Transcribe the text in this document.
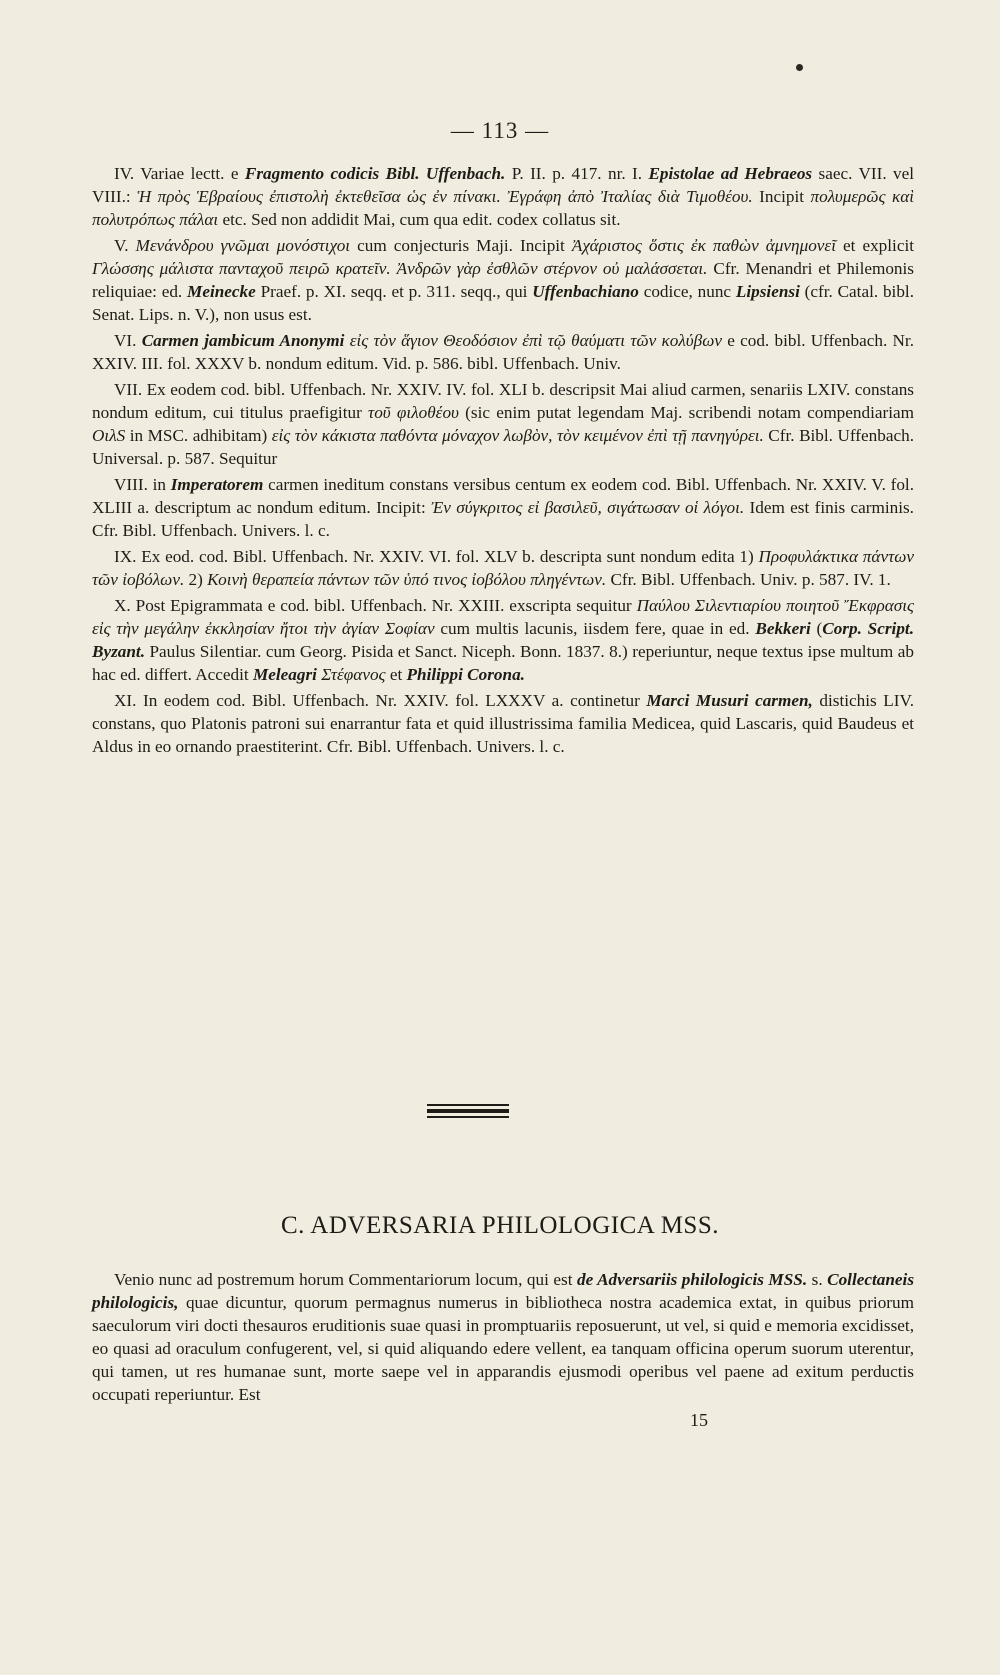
— 113 —

IV. Variae lectt. e Fragmento codicis Bibl. Uffenbach. P. II. p. 417. nr. I. Epistolae ad Hebraeos saec. VII. vel VIII.: Ἡ πρὸς Ἑβραίους ἐπιστολὴ ἐκτεθεῖσα ὡς ἐν πίνακι. Ἐγράφη ἀπὸ Ἰταλίας διὰ Τιμοθέου. Incipit πολυμερῶς καὶ πολυτρόπως πάλαι etc. Sed non addidit Mai, cum qua edit. codex collatus sit.

V. Μενάνδρου γνῶμαι μονόστιχοι cum conjecturis Maji. Incipit Ἀχάριστος ὅστις ἐκ παθὼν ἀμνημονεῖ et explicit Γλώσσης μάλιστα πανταχοῦ πειρῶ κρατεῖν. Ἀνδρῶν γὰρ ἐσθλῶν στέρνον οὐ μαλάσσεται. Cfr. Menandri et Philemonis reliquiae: ed. Meinecke Praef. p. XI. seqq. et p. 311. seqq., qui Uffenbachiano codice, nunc Lipsiensi (cfr. Catal. bibl. Senat. Lips. n. V.), non usus est.

VI. Carmen jambicum Anonymi εἰς τὸν ἅγιον Θεοδόσιον ἐπὶ τῷ θαύματι τῶν κολύβων e cod. bibl. Uffenbach. Nr. XXIV. III. fol. XXXV b. nondum editum. Vid. p. 586. bibl. Uffenbach. Univ.

VII. Ex eodem cod. bibl. Uffenbach. Nr. XXIV. IV. fol. XLI b. descripsit Mai aliud carmen, senariis LXIV. constans nondum editum, cui titulus praefigitur τοῦ φιλοθέου (sic enim putat legendam Maj. scribendi notam compendiariam ΟιλS in MSC. adhibitam) εἰς τὸν κάκιστα παθόντα μόναχον λωβὸν, τὸν κειμένον ἐπὶ τῇ πανηγύρει. Cfr. Bibl. Uffenbach. Universal. p. 587. Sequitur

VIII. in Imperatorem carmen ineditum constans versibus centum ex eodem cod. Bibl. Uffenbach. Nr. XXIV. V. fol. XLIII a. descriptum ac nondum editum. Incipit: Ἐν σύγκριτος εἰ βασιλεῦ, σιγάτωσαν οἱ λόγοι. Idem est finis carminis. Cfr. Bibl. Uffenbach. Univers. l. c.

IX. Ex eod. cod. Bibl. Uffenbach. Nr. XXIV. VI. fol. XLV b. descripta sunt nondum edita 1) Προφυλάκτικα πάντων τῶν ἰοβόλων. 2) Κοινὴ θεραπεία πάντων τῶν ὑπό τινος ἰοβόλου πληγέντων. Cfr. Bibl. Uffenbach. Univ. p. 587. IV. 1.

X. Post Epigrammata e cod. bibl. Uffenbach. Nr. XXIII. exscripta sequitur Παύλου Σιλεντιαρίου ποιητοῦ Ἔκφρασις εἰς τὴν μεγάλην ἐκκλησίαν ἤτοι τὴν ἁγίαν Σοφίαν cum multis lacunis, iisdem fere, quae in ed. Bekkeri (Corp. Script. Byzant. Paulus Silentiar. cum Georg. Pisida et Sanct. Niceph. Bonn. 1837. 8.) reperiuntur, neque textus ipse multum ab hac ed. differt. Accedit Meleagri Στέφανος et Philippi Corona.

XI. In eodem cod. Bibl. Uffenbach. Nr. XXIV. fol. LXXXV a. continetur Marci Musuri carmen, distichis LIV. constans, quo Platonis patroni sui enarrantur fata et quid illustrissima familia Medicea, quid Lascaris, quid Baudeus et Aldus in eo ornando praestiterint. Cfr. Bibl. Uffenbach. Univers. l. c.

C. ADVERSARIA PHILOLOGICA MSS.

Venio nunc ad postremum horum Commentariorum locum, qui est de Adversariis philologicis MSS. s. Collectaneis philologicis, quae dicuntur, quorum permagnus numerus in bibliotheca nostra academica extat, in quibus priorum saeculorum viri docti thesauros eruditionis suae quasi in promptuariis reposuerunt, ut vel, si quid e memoria excidisset, eo quasi ad oraculum confugerent, vel, si quid aliquando edere vellent, ea tanquam officina operum suorum uterentur, qui tamen, ut res humanae sunt, morte saepe vel in apparandis ejusmodi operibus vel paene ad exitum perductis occupati reperiuntur. Est

15
